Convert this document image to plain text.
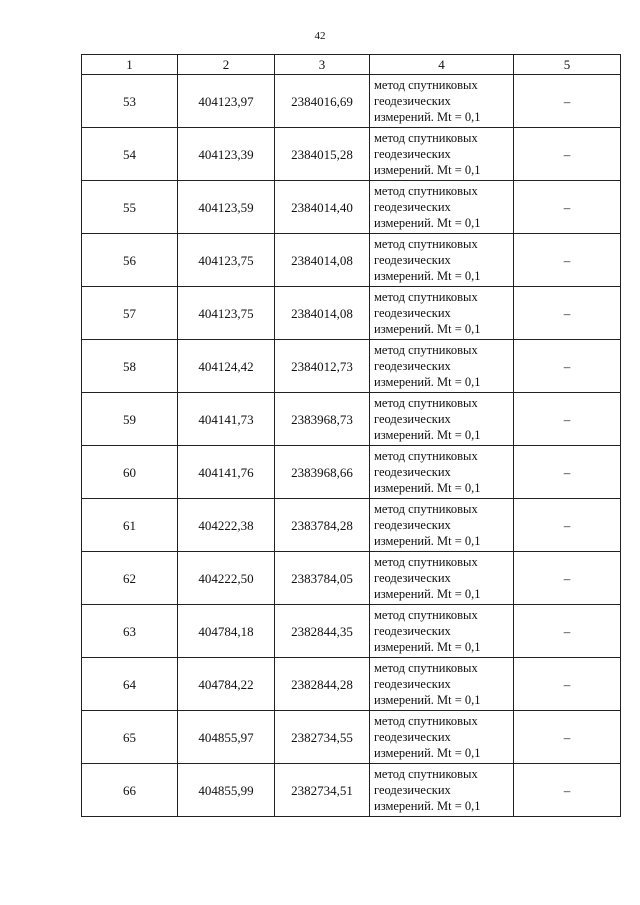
42
1	2	3	4	5
53	404123,97	2384016,69	метод спутниковых
геодезических
измерений. Mt = 0,1	–
54	404123,39	2384015,28	метод спутниковых
геодезических
измерений. Mt = 0,1	–
55	404123,59	2384014,40	метод спутниковых
геодезических
измерений. Mt = 0,1	–
56	404123,75	2384014,08	метод спутниковых
геодезических
измерений. Mt = 0,1	–
57	404123,75	2384014,08	метод спутниковых
геодезических
измерений. Mt = 0,1	–
58	404124,42	2384012,73	метод спутниковых
геодезических
измерений. Mt = 0,1	–
59	404141,73	2383968,73	метод спутниковых
геодезических
измерений. Mt = 0,1	–
60	404141,76	2383968,66	метод спутниковых
геодезических
измерений. Mt = 0,1	–
61	404222,38	2383784,28	метод спутниковых
геодезических
измерений. Mt = 0,1	–
62	404222,50	2383784,05	метод спутниковых
геодезических
измерений. Mt = 0,1	–
63	404784,18	2382844,35	метод спутниковых
геодезических
измерений. Mt = 0,1	–
64	404784,22	2382844,28	метод спутниковых
геодезических
измерений. Mt = 0,1	–
65	404855,97	2382734,55	метод спутниковых
геодезических
измерений. Mt = 0,1	–
66	404855,99	2382734,51	метод спутниковых
геодезических
измерений. Mt = 0,1	–
